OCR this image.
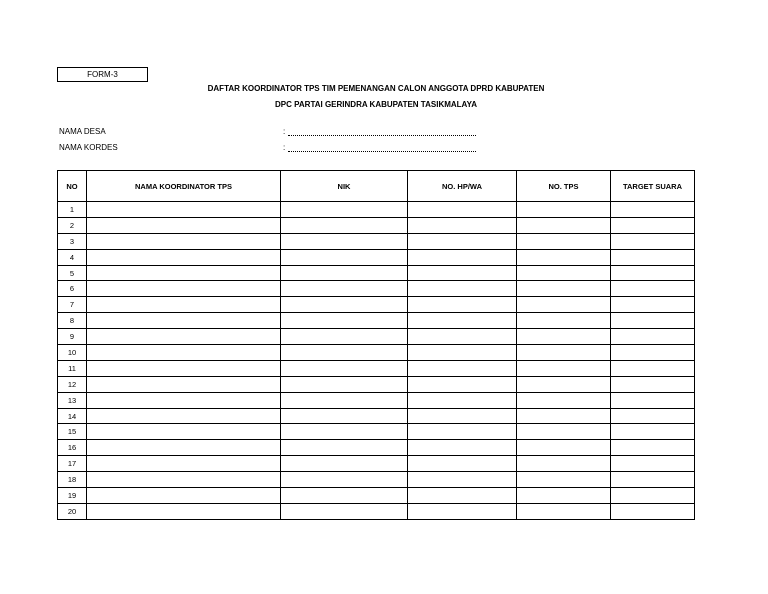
FORM-3
DAFTAR KOORDINATOR TPS TIM PEMENANGAN CALON ANGGOTA DPRD KABUPATEN
DPC PARTAI GERINDRA KABUPATEN TASIKMALAYA
NAMA DESA	:
NAMA KORDES	:
NO	NAMA KOORDINATOR TPS	NIK	NO. HP/WA	NO. TPS	TARGET SUARA
1					
2					
3					
4					
5					
6					
7					
8					
9					
10					
11					
12					
13					
14					
15					
16					
17					
18					
19					
20					
